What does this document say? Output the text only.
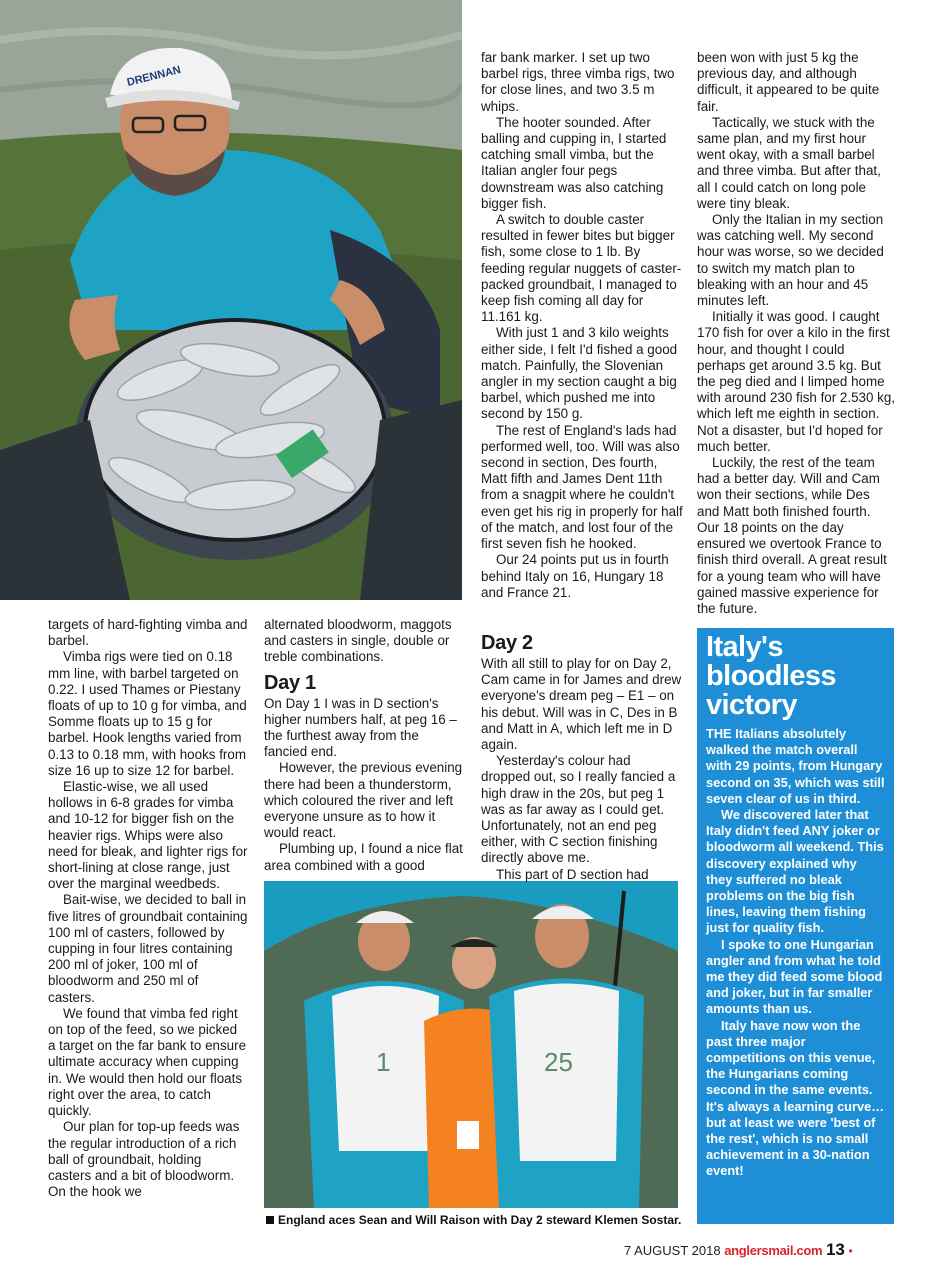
DRENNAN
1	25

targets of hard-fighting vimba and barbel.

Vimba rigs were tied on 0.18 mm line, with barbel targeted on 0.22. I used Thames or Piestany floats of up to 10 g for vimba, and Somme floats up to 15 g for barbel. Hook lengths varied from 0.13 to 0.18 mm, with hooks from size 16 up to size 12 for barbel.

Elastic-wise, we all used hollows in 6-8 grades for vimba and 10-12 for bigger fish on the heavier rigs. Whips were also need for bleak, and lighter rigs for short-lining at close range, just over the marginal weedbeds.

Bait-wise, we decided to ball in five litres of groundbait containing 100 ml of casters, followed by cupping in four litres containing 200 ml of joker, 100 ml of bloodworm and 250 ml of casters.

We found that vimba fed right on top of the feed, so we picked a target on the far bank to ensure ultimate accuracy when cupping in. We would then hold our floats right over the area, to catch quickly.

Our plan for top-up feeds was the regular introduction of a rich ball of groundbait, holding casters and a bit of bloodworm. On the hook we

alternated bloodworm, maggots and casters in single, double or treble combinations.

Day 1

On Day 1 I was in D section's higher numbers half, at peg 16 – the furthest away from the fancied end.

However, the previous evening there had been a thunderstorm, which coloured the river and left everyone unsure as to how it would react.

Plumbing up, I found a nice flat area combined with a good

far bank marker. I set up two barbel rigs, three vimba rigs, two for close lines, and two 3.5 m whips.

The hooter sounded. After balling and cupping in, I started catching small vimba, but the Italian angler four pegs downstream was also catching bigger fish.

A switch to double caster resulted in fewer bites but bigger fish, some close to 1 lb. By feeding regular nuggets of caster-packed groundbait, I managed to keep fish coming all day for 11.161 kg.

With just 1 and 3 kilo weights either side, I felt I'd fished a good match. Painfully, the Slovenian angler in my section caught a big barbel, which pushed me into second by 150 g.

The rest of England's lads had performed well, too. Will was also second in section, Des fourth, Matt fifth and James Dent 11th from a snagpit where he couldn't even get his rig in properly for half of the match, and lost four of the first seven fish he hooked.

Our 24 points put us in fourth behind Italy on 16, Hungary 18 and France 21.

Day 2

With all still to play for on Day 2, Cam came in for James and drew everyone's dream peg – E1 – on his debut. Will was in C, Des in B and Matt in A, which left me in D again.

Yesterday's colour had dropped out, so I really fancied a high draw in the 20s, but peg 1 was as far away as I could get. Unfortunately, not an end peg either, with C section finishing directly above me.

This part of D section had

been won with just 5 kg the previous day, and although difficult, it appeared to be quite fair.

Tactically, we stuck with the same plan, and my first hour went okay, with a small barbel and three vimba. But after that, all I could catch on long pole were tiny bleak.

Only the Italian in my section was catching well. My second hour was worse, so we decided to switch my match plan to bleaking with an hour and 45 minutes left.

Initially it was good. I caught 170 fish for over a kilo in the first hour, and thought I could perhaps get around 3.5 kg. But the peg died and I limped home with around 230 fish for 2.530 kg, which left me eighth in section. Not a disaster, but I'd hoped for much better.

Luckily, the rest of the team had a better day. Will and Cam won their sections, while Des and Matt both finished fourth. Our 18 points on the day ensured we overtook France to finish third overall. A great result for a young team who will have gained massive experience for the future.

Italy's bloodless victory

THE Italians absolutely walked the match overall with 29 points, from Hungary second on 35, which was still seven clear of us in third.

We discovered later that Italy didn't feed ANY joker or bloodworm all weekend. This discovery explained why they suffered no bleak problems on the big fish lines, leaving them fishing just for quality fish.

I spoke to one Hungarian angler and from what he told me they did feed some blood and joker, but in far smaller amounts than us.

Italy have now won the past three major competitions on this venue, the Hungarians coming second in the same events. It's always a learning curve… but at least we were 'best of the rest', which is no small achievement in a 30-nation event!

England aces Sean and Will Raison with Day 2 steward Klemen Sostar.
7 AUGUST 2018 anglersmail.com 13 •
